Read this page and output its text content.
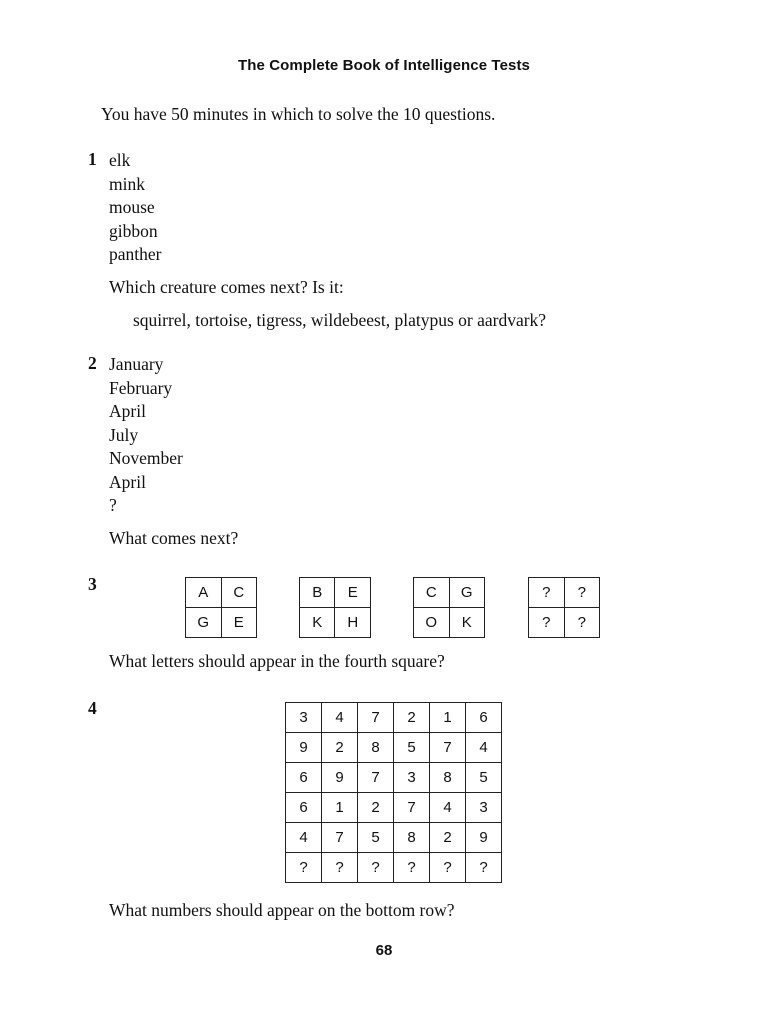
The Complete Book of Intelligence Tests
You have 50 minutes in which to solve the 10 questions.
1 elk
mink
mouse
gibbon
panther
Which creature comes next? Is it:
squirrel, tortoise, tigress, wildebeest, platypus or aardvark?
2 January
February
April
July
November
April
?
What comes next?
3	A	C
G	E
B	E
K	H
C	G
O	K
?	?
?	?
What letters should appear in the fourth square?
4	3	4	7	2	1	6
9	2	8	5	7	4
6	9	7	3	8	5
6	1	2	7	4	3
4	7	5	8	2	9
?	?	?	?	?	?
What numbers should appear on the bottom row?
68
